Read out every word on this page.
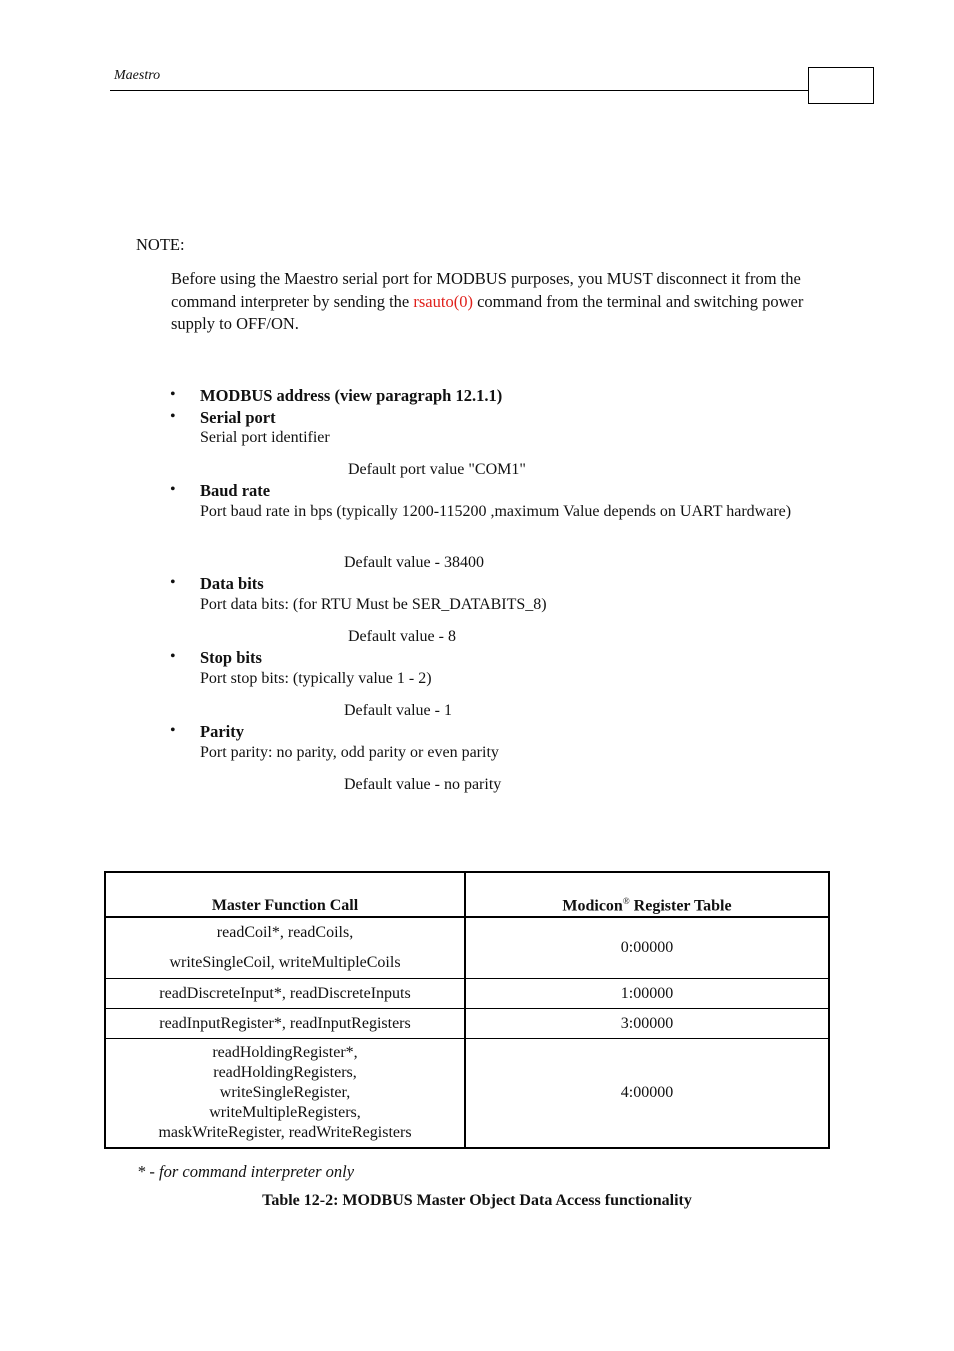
Maestro
NOTE:
Before using the Maestro serial port for MODBUS purposes, you MUST disconnect it from the command interpreter by sending the rsauto(0) command from the terminal and switching power supply to OFF/ON.
• MODBUS address (view paragraph 12.1.1)
• Serial port
Serial port identifier
Default port value "COM1"
• Baud rate
Port baud rate in bps (typically 1200-115200 ,maximum Value depends on UART hardware)
Default value - 38400
• Data bits
Port data bits: (for RTU Must be SER_DATABITS_8)
Default value - 8
• Stop bits
Port stop bits: (typically value 1 - 2)
Default value - 1
• Parity
Port parity: no parity, odd parity or even parity
Default value - no parity
Master Function Call	Modicon® Register Table

readCoil*, readCoils,
writeSingleCoil, writeMultipleCoils	0:00000
readDiscreteInput*, readDiscreteInputs	1:00000
readInputRegister*, readInputRegisters	3:00000

readHoldingRegister*,
readHoldingRegisters,
writeSingleRegister,
writeMultipleRegisters,
maskWriteRegister, readWriteRegisters	4:00000
* - for command interpreter only
Table 12-2: MODBUS Master Object Data Access functionality
